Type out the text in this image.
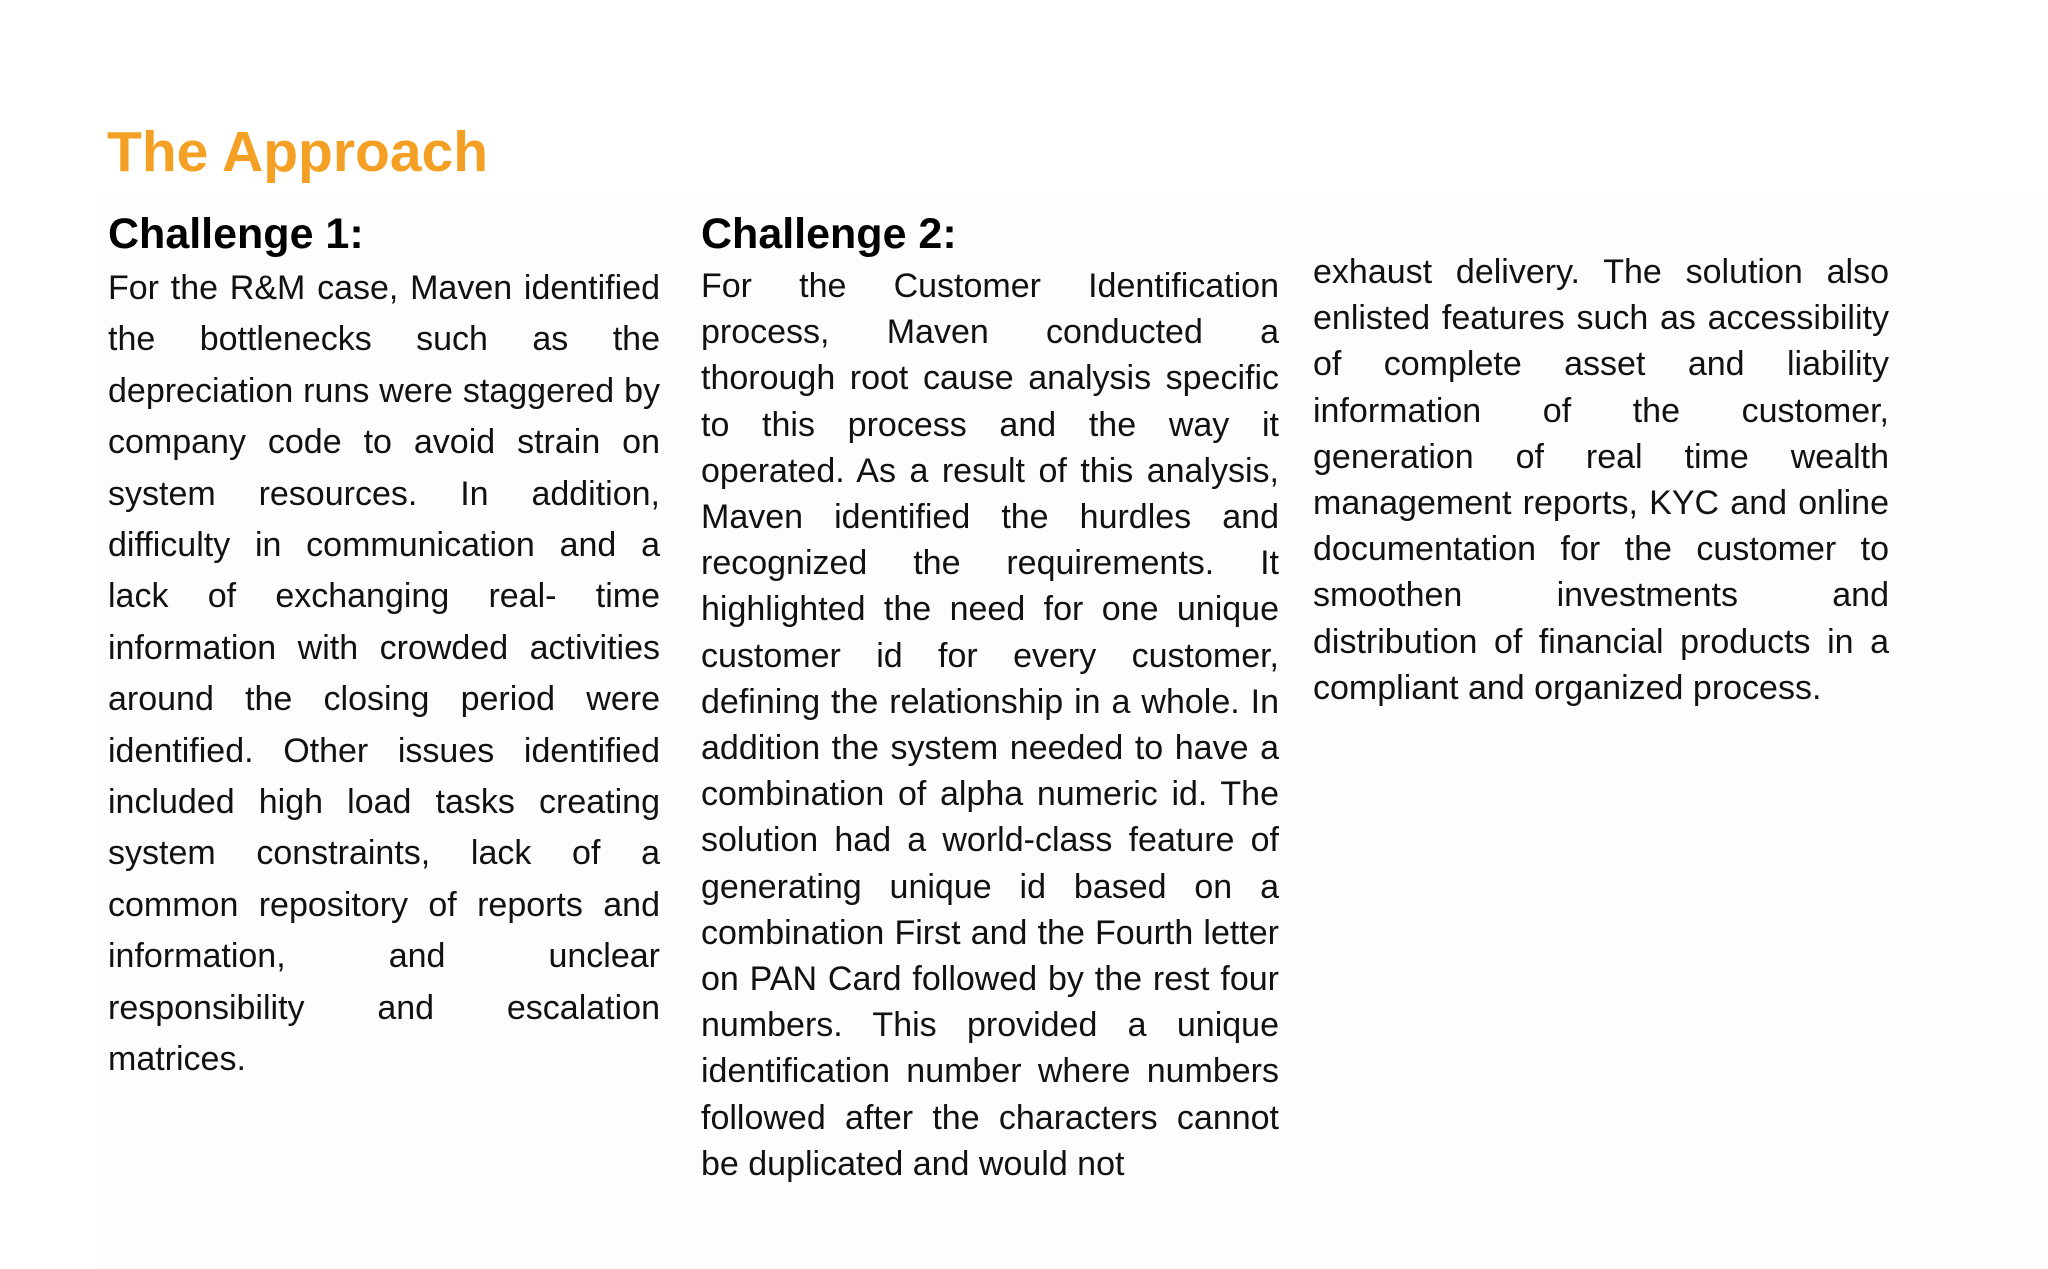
The Approach
Challenge 1:

For the R&M case, Maven identified the bottlenecks such as the depreciation runs were staggered by company code to avoid strain on system resources. In addition, difficulty in communication and a lack of exchanging real- time information with crowded activities around the closing period were identified. Other issues identified included high load tasks creating system constraints, lack of a common repository of reports and information, and unclear responsibility and escalation matrices.

Challenge 2:

For the Customer Identification process, Maven conducted a thorough root cause analysis specific to this process and the way it operated. As a result of this analysis, Maven identified the hurdles and recognized the requirements. It highlighted the need for one unique customer id for every customer, defining the relationship in a whole. In addition the system needed to have a combination of alpha numeric id. The solution had a world-class feature of generating unique id based on a combination First and the Fourth letter on PAN Card followed by the rest four numbers. This provided a unique identification number where numbers followed after the characters cannot be duplicated and would not

exhaust delivery. The solution also enlisted features such as accessibility of complete asset and liability information of the customer, generation of real time wealth management reports, KYC and online documentation for the customer to smoothen investments and distribution of financial products in a compliant and organized process.
